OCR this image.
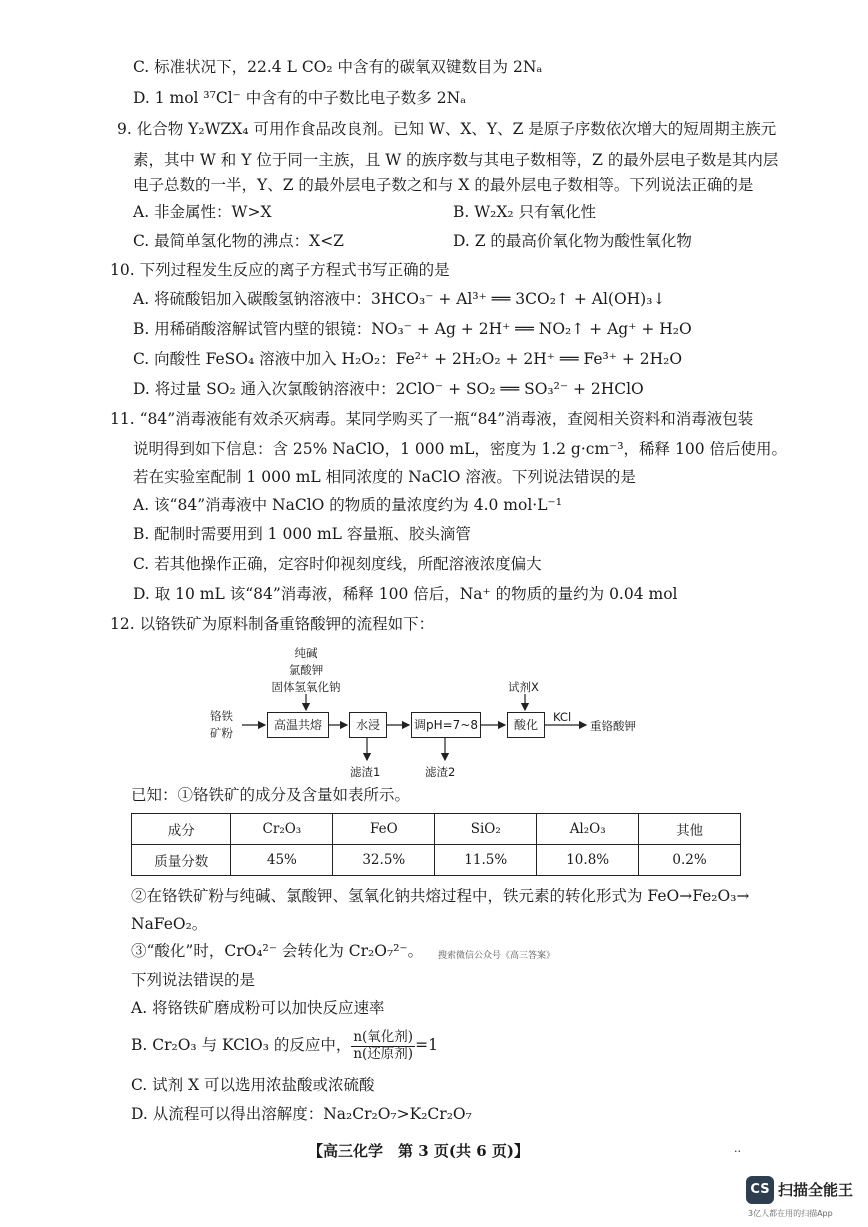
C. 标准状况下，22.4 L CO₂ 中含有的碳氧双键数目为 2Nₐ
D. 1 mol ³⁷Cl⁻ 中含有的中子数比电子数多 2Nₐ
9. 化合物 Y₂WZX₄ 可用作食品改良剂。已知 W、X、Y、Z 是原子序数依次增大的短周期主族元
素，其中 W 和 Y 位于同一主族，且 W 的族序数与其电子数相等，Z 的最外层电子数是其内层
电子总数的一半，Y、Z 的最外层电子数之和与 X 的最外层电子数相等。下列说法正确的是
A. 非金属性：W>X	B. W₂X₂ 只有氧化性
C. 最简单氢化物的沸点：X<Z	D. Z 的最高价氧化物为酸性氧化物
10. 下列过程发生反应的离子方程式书写正确的是
A. 将硫酸铝加入碳酸氢钠溶液中：3HCO₃⁻ + Al³⁺ ══ 3CO₂↑ + Al(OH)₃↓
B. 用稀硝酸溶解试管内壁的银镜：NO₃⁻ + Ag + 2H⁺ ══ NO₂↑ + Ag⁺ + H₂O
C. 向酸性 FeSO₄ 溶液中加入 H₂O₂：Fe²⁺ + 2H₂O₂ + 2H⁺ ══ Fe³⁺ + 2H₂O
D. 将过量 SO₂ 通入次氯酸钠溶液中：2ClO⁻ + SO₂ ══ SO₃²⁻ + 2HClO
11. “84”消毒液能有效杀灭病毒。某同学购买了一瓶“84”消毒液，查阅相关资料和消毒液包装
说明得到如下信息：含 25% NaClO，1 000 mL，密度为 1.2 g·cm⁻³，稀释 100 倍后使用。
若在实验室配制 1 000 mL 相同浓度的 NaClO 溶液。下列说法错误的是
A. 该“84”消毒液中 NaClO 的物质的量浓度约为 4.0 mol·L⁻¹
B. 配制时需要用到 1 000 mL 容量瓶、胶头滴管
C. 若其他操作正确，定容时仰视刻度线，所配溶液浓度偏大
D. 取 10 mL 该“84”消毒液，稀释 100 倍后，Na⁺ 的物质的量约为 0.04 mol
12. 以铬铁矿为原料制备重铬酸钾的流程如下：
纯碱
氯酸钾
固体氢氧化钠
铬铁
矿粉
高温共熔	水浸	调pH=7~8	酸化
试剂X
KCl
重铬酸钾
滤渣1	滤渣2
已知：①铬铁矿的成分及含量如表所示。
成分	Cr₂O₃	FeO	SiO₂	Al₂O₃	其他
质量分数	45%	32.5%	11.5%	10.8%	0.2%
②在铬铁矿粉与纯碱、氯酸钾、氢氧化钠共熔过程中，铁元素的转化形式为 FeO→Fe₂O₃→
NaFeO₂。
③“酸化”时，CrO₄²⁻ 会转化为 Cr₂O₇²⁻。 搜索微信公众号《高三答案》
下列说法错误的是
A. 将铬铁矿磨成粉可以加快反应速率
B. Cr₂O₃ 与 KClO₃ 的反应中， $\frac{\text{n(氧化剂)}}{\text{n(还原剂)}} =1$
C. 试剂 X 可以选用浓盐酸或浓硫酸
D. 从流程可以得出溶解度：Na₂Cr₂O₇>K₂Cr₂O₇
【高三化学　第 3 页(共 6 页)】	..
CS 扫描全能王
3亿人都在用的扫描App
